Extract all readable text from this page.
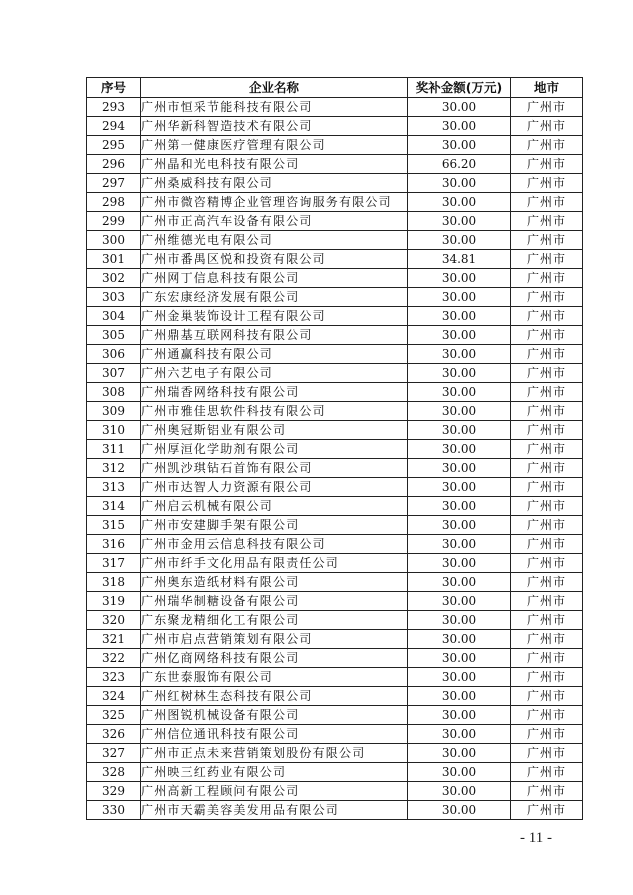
序号	企业名称	奖补金额(万元)	地市
293	广州市恒采节能科技有限公司	30.00	广州市
294	广州华新科智造技术有限公司	30.00	广州市
295	广州第一健康医疗管理有限公司	30.00	广州市
296	广州晶和光电科技有限公司	66.20	广州市
297	广州桑威科技有限公司	30.00	广州市
298	广州市微咨精博企业管理咨询服务有限公司	30.00	广州市
299	广州市正高汽车设备有限公司	30.00	广州市
300	广州维德光电有限公司	30.00	广州市
301	广州市番禺区悦和投资有限公司	34.81	广州市
302	广州网丁信息科技有限公司	30.00	广州市
303	广东宏康经济发展有限公司	30.00	广州市
304	广州金巢装饰设计工程有限公司	30.00	广州市
305	广州鼎基互联网科技有限公司	30.00	广州市
306	广州通赢科技有限公司	30.00	广州市
307	广州六艺电子有限公司	30.00	广州市
308	广州瑞香网络科技有限公司	30.00	广州市
309	广州市雅佳思软件科技有限公司	30.00	广州市
310	广州奥冠斯铝业有限公司	30.00	广州市
311	广州厚洹化学助剂有限公司	30.00	广州市
312	广州凯沙琪钻石首饰有限公司	30.00	广州市
313	广州市达智人力资源有限公司	30.00	广州市
314	广州启云机械有限公司	30.00	广州市
315	广州市安建脚手架有限公司	30.00	广州市
316	广州市金用云信息科技有限公司	30.00	广州市
317	广州市纤手文化用品有限责任公司	30.00	广州市
318	广州奥东造纸材料有限公司	30.00	广州市
319	广州瑞华制糖设备有限公司	30.00	广州市
320	广东聚龙精细化工有限公司	30.00	广州市
321	广州市启点营销策划有限公司	30.00	广州市
322	广州亿商网络科技有限公司	30.00	广州市
323	广东世泰服饰有限公司	30.00	广州市
324	广州红树林生态科技有限公司	30.00	广州市
325	广州图锐机械设备有限公司	30.00	广州市
326	广州信位通讯科技有限公司	30.00	广州市
327	广州市正点未来营销策划股份有限公司	30.00	广州市
328	广州映三红药业有限公司	30.00	广州市
329	广州高新工程顾问有限公司	30.00	广州市
330	广州市天霸美容美发用品有限公司	30.00	广州市
- 11 -
